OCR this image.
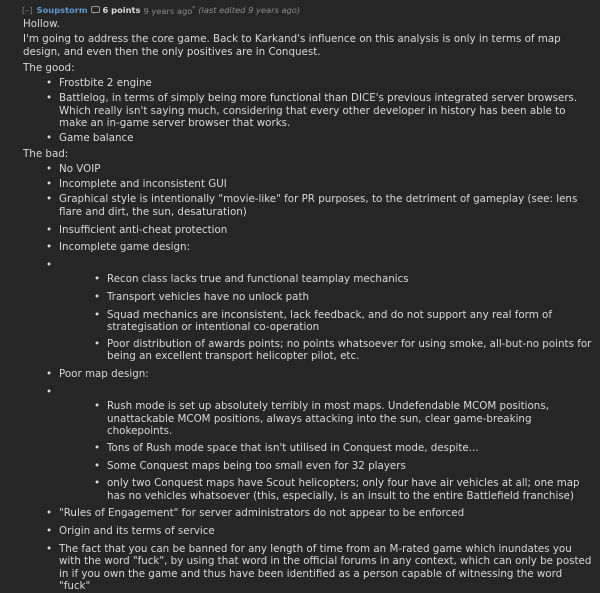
[–] Soupstorm 6 points 9 years ago* (last edited 9 years ago)

Hollow.

I'm going to address the core game. Back to Karkand's influence on this analysis is only in terms of map design, and even then the only positives are in Conquest.

The good:

• Frostbite 2 engine
• Battlelog, in terms of simply being more functional than DICE's previous integrated server browsers. Which really isn't saying much, considering that every other developer in history has been able to make an in-game server browser that works.
• Game balance

The bad:

• No VOIP
• Incomplete and inconsistent GUI
• Graphical style is intentionally "movie-like" for PR purposes, to the detriment of gameplay (see: lens flare and dirt, the sun, desaturation)
• Insufficient anti-cheat protection
• Incomplete game design:
• • Recon class lacks true and functional teamplay mechanics
• Transport vehicles have no unlock path
• Squad mechanics are inconsistent, lack feedback, and do not support any real form of strategisation or intentional co-operation
• Poor distribution of awards points; no points whatsoever for using smoke, all-but-no points for being an excellent transport helicopter pilot, etc.
• Poor map design:
• • Rush mode is set up absolutely terribly in most maps. Undefendable MCOM positions, unattackable MCOM positions, always attacking into the sun, clear game-breaking chokepoints.
• Tons of Rush mode space that isn't utilised in Conquest mode, despite...
• Some Conquest maps being too small even for 32 players
• only two Conquest maps have Scout helicopters; only four have air vehicles at all; one map has no vehicles whatsoever (this, especially, is an insult to the entire Battlefield franchise)
• "Rules of Engagement" for server administrators do not appear to be enforced
• Origin and its terms of service
• The fact that you can be banned for any length of time from an M-rated game which inundates you with the word "fuck", by using that word in the official forums in any context, which can only be posted in if you own the game and thus have been identified as a person capable of witnessing the word "fuck"
